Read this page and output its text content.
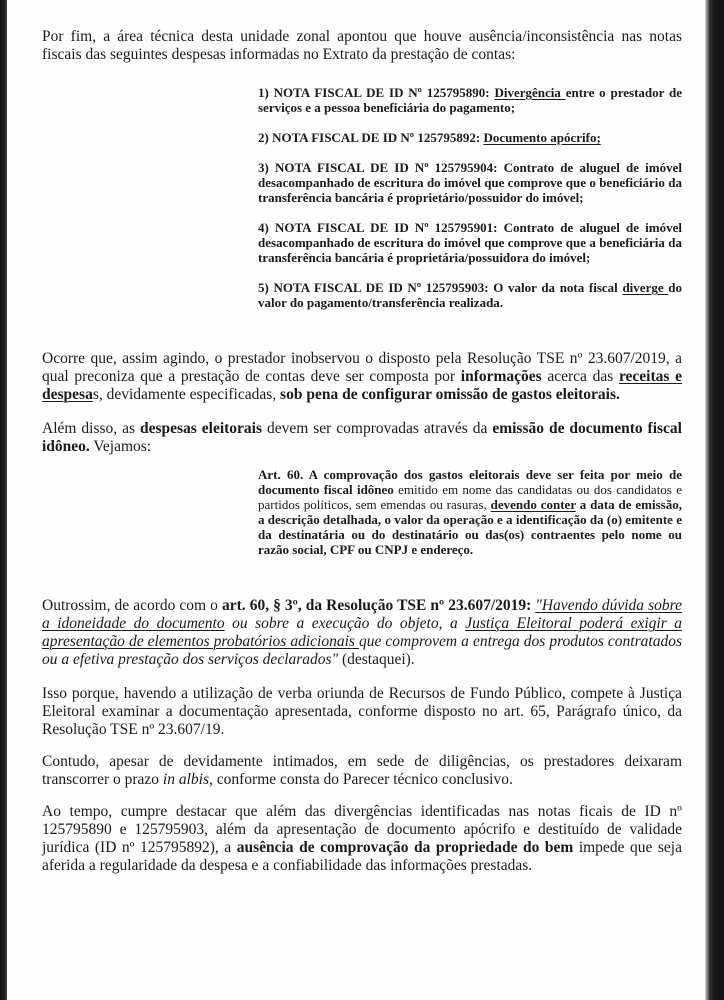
Por fim, a área técnica desta unidade zonal apontou que houve ausência/inconsistência nas notas fiscais das seguintes despesas informadas no Extrato da prestação de contas:

1) NOTA FISCAL DE ID Nº 125795890: Divergência entre o prestador de serviços e a pessoa beneficiária do pagamento;

2) NOTA FISCAL DE ID Nº 125795892: Documento apócrifo;

3) NOTA FISCAL DE ID Nº 125795904: Contrato de aluguel de imóvel desacompanhado de escritura do imóvel que comprove que o beneficiário da transferência bancária é proprietário/possuidor do imóvel;

4) NOTA FISCAL DE ID Nº 125795901: Contrato de aluguel de imóvel desacompanhado de escritura do imóvel que comprove que a beneficiária da transferência bancária é proprietária/possuidora do imóvel;

5) NOTA FISCAL DE ID Nº 125795903: O valor da nota fiscal diverge do valor do pagamento/transferência realizada.

Ocorre que, assim agindo, o prestador inobservou o disposto pela Resolução TSE nº 23.607/2019, a qual preconiza que a prestação de contas deve ser composta por informações acerca das receitas e despesas, devidamente especificadas, sob pena de configurar omissão de gastos eleitorais.

Além disso, as despesas eleitorais devem ser comprovadas através da emissão de documento fiscal idôneo. Vejamos:

Art. 60. A comprovação dos gastos eleitorais deve ser feita por meio de documento fiscal idôneo emitido em nome das candidatas ou dos candidatos e partidos políticos, sem emendas ou rasuras, devendo conter a data de emissão, a descrição detalhada, o valor da operação e a identificação da (o) emitente e da destinatária ou do destinatário ou das(os) contraentes pelo nome ou razão social, CPF ou CNPJ e endereço.

Outrossim, de acordo com o art. 60, § 3º, da Resolução TSE nº 23.607/2019: "Havendo dúvida sobre a idoneidade do documento ou sobre a execução do objeto, a Justiça Eleitoral poderá exigir a apresentação de elementos probatórios adicionais que comprovem a entrega dos produtos contratados ou a efetiva prestação dos serviços declarados" (destaquei).

Isso porque, havendo a utilização de verba oriunda de Recursos de Fundo Público, compete à Justiça Eleitoral examinar a documentação apresentada, conforme disposto no art. 65, Parágrafo único, da Resolução TSE nº 23.607/19.

Contudo, apesar de devidamente intimados, em sede de diligências, os prestadores deixaram transcorrer o prazo in albis, conforme consta do Parecer técnico conclusivo.

Ao tempo, cumpre destacar que além das divergências identificadas nas notas ficais de ID nº 125795890 e 125795903, além da apresentação de documento apócrifo e destituído de validade jurídica (ID nº 125795892), a ausência de comprovação da propriedade do bem impede que seja aferida a regularidade da despesa e a confiabilidade das informações prestadas.
